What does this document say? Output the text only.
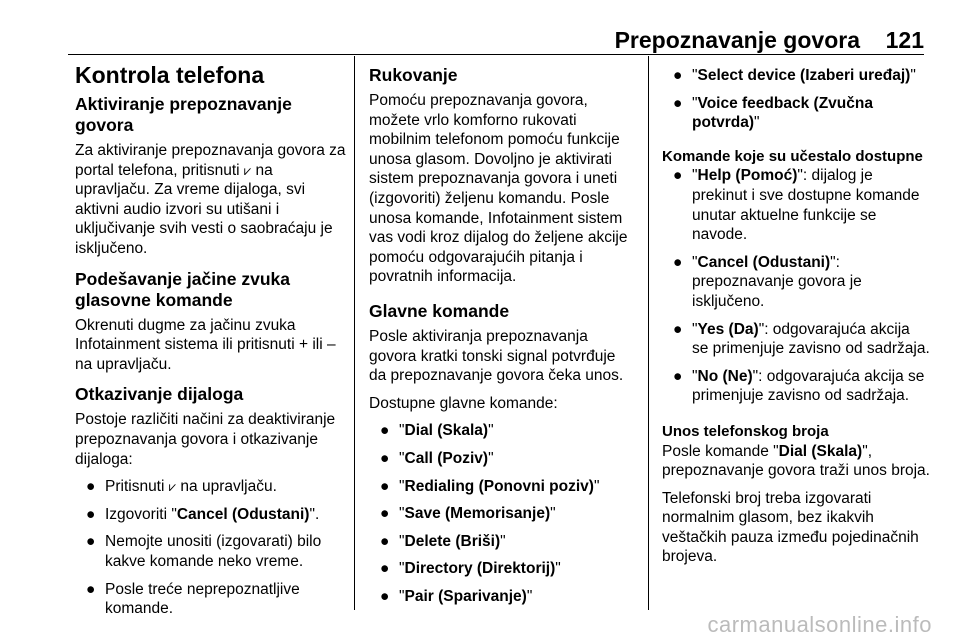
Prepoznavanje govora 121
Kontrola telefona
Aktiviranje prepoznavanje govora

Za aktiviranje prepoznavanja govora za portal telefona, pritisnuti ⩗ na upravljaču. Za vreme dijaloga, svi aktivni audio izvori su utišani i uključivanje svih vesti o saobraćaju je isključeno.

Podešavanje jačine zvuka glasovne komande

Okrenuti dugme za jačinu zvuka Infotainment sistema ili pritisnuti + ili – na upravljaču.

Otkazivanje dijaloga

Postoje različiti načini za deaktiviranje prepoznavanja govora i otkazivanje dijaloga:

● Pritisnuti ⩗ na upravljaču.
● Izgovoriti "Cancel (Odustani)".
● Nemojte unositi (izgovarati) bilo kakve komande neko vreme.
● Posle treće neprepoznatljive komande.
Rukovanje

Pomoću prepoznavanja govora, možete vrlo komforno rukovati mobilnim telefonom pomoću funkcije unosa glasom. Dovoljno je aktivirati sistem prepoznavanja govora i uneti (izgovoriti) željenu komandu. Posle unosa komande, Infotainment sistem vas vodi kroz dijalog do željene akcije pomoću odgovarajućih pitanja i povratnih informacija.

Glavne komande

Posle aktiviranja prepoznavanja govora kratki tonski signal potvrđuje da prepoznavanje govora čeka unos.

Dostupne glavne komande:

● "Dial (Skala)"
● "Call (Poziv)"
● "Redialing (Ponovni poziv)"
● "Save (Memorisanje)"
● "Delete (Briši)"
● "Directory (Direktorij)"
● "Pair (Sparivanje)"
● "Select device (Izaberi uređaj)"
● "Voice feedback (Zvučna potvrda)"
Komande koje su učestalo dostupne
● "Help (Pomoć)": dijalog je prekinut i sve dostupne komande unutar aktuelne funkcije se navode.
● "Cancel (Odustani)": prepoznavanje govora je isključeno.
● "Yes (Da)": odgovarajuća akcija se primenjuje zavisno od sadržaja.
● "No (Ne)": odgovarajuća akcija se primenjuje zavisno od sadržaja.
Unos telefonskog broja

Posle komande "Dial (Skala)", prepoznavanje govora traži unos broja.

Telefonski broj treba izgovarati normalnim glasom, bez ikakvih veštačkih pauza između pojedinačnih brojeva.

carmanualsonline.info
